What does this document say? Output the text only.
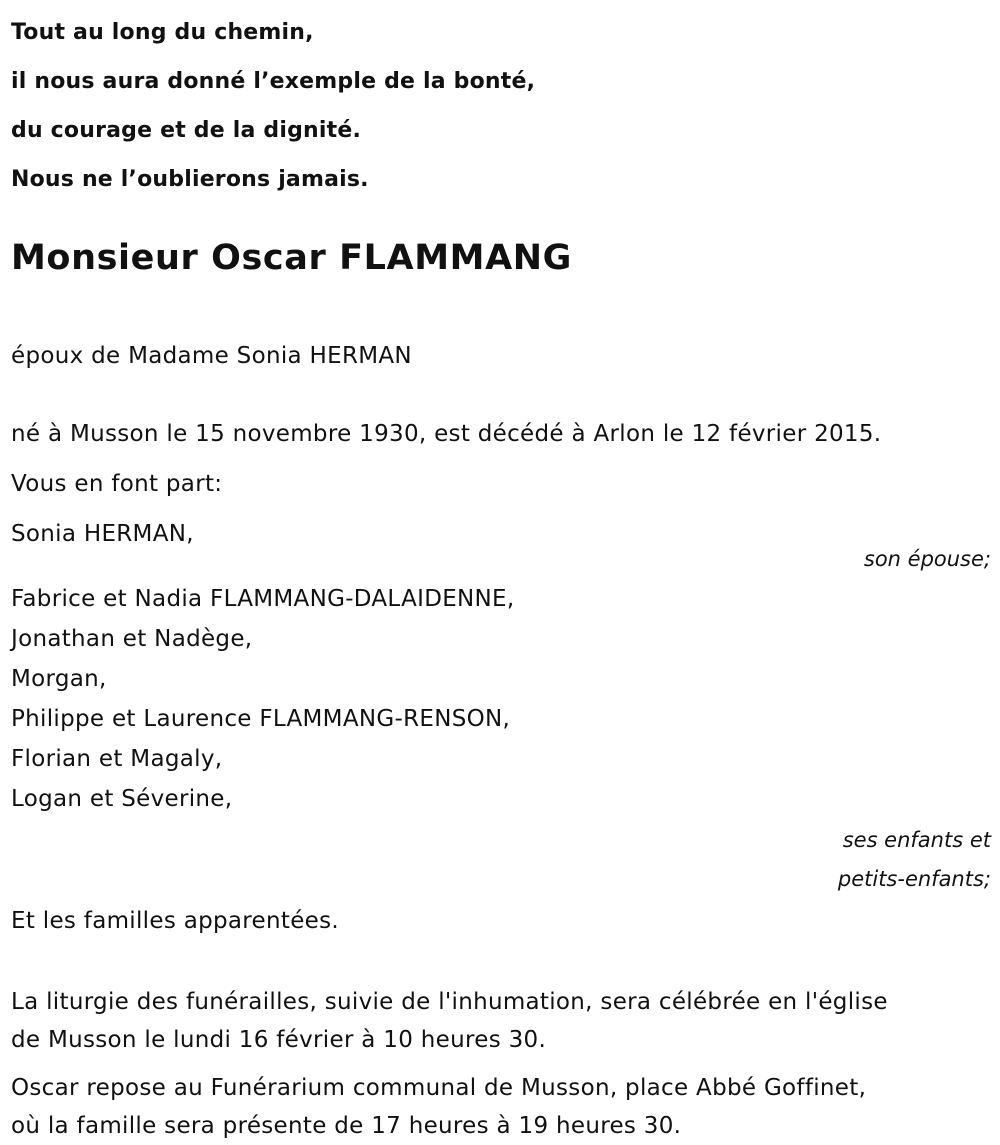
Tout au long du chemin,
il nous aura donné l’exemple de la bonté,
du courage et de la dignité.
Nous ne l’oublierons jamais.
Monsieur Oscar FLAMMANG
époux de Madame Sonia HERMAN
né à Musson le 15 novembre 1930, est décédé à Arlon le 12 février 2015.
Vous en font part:
Sonia HERMAN,
son épouse;
Fabrice et Nadia FLAMMANG-DALAIDENNE,
Jonathan et Nadège,
Morgan,
Philippe et Laurence FLAMMANG-RENSON,
Florian et Magaly,
Logan et Séverine,
ses enfants et
petits-enfants;
Et les familles apparentées.
La liturgie des funérailles, suivie de l'inhumation, sera célébrée en l'église
de Musson le lundi 16 février à 10 heures 30.
Oscar repose au Funérarium communal de Musson, place Abbé Goffinet,
où la famille sera présente de 17 heures à 19 heures 30.
